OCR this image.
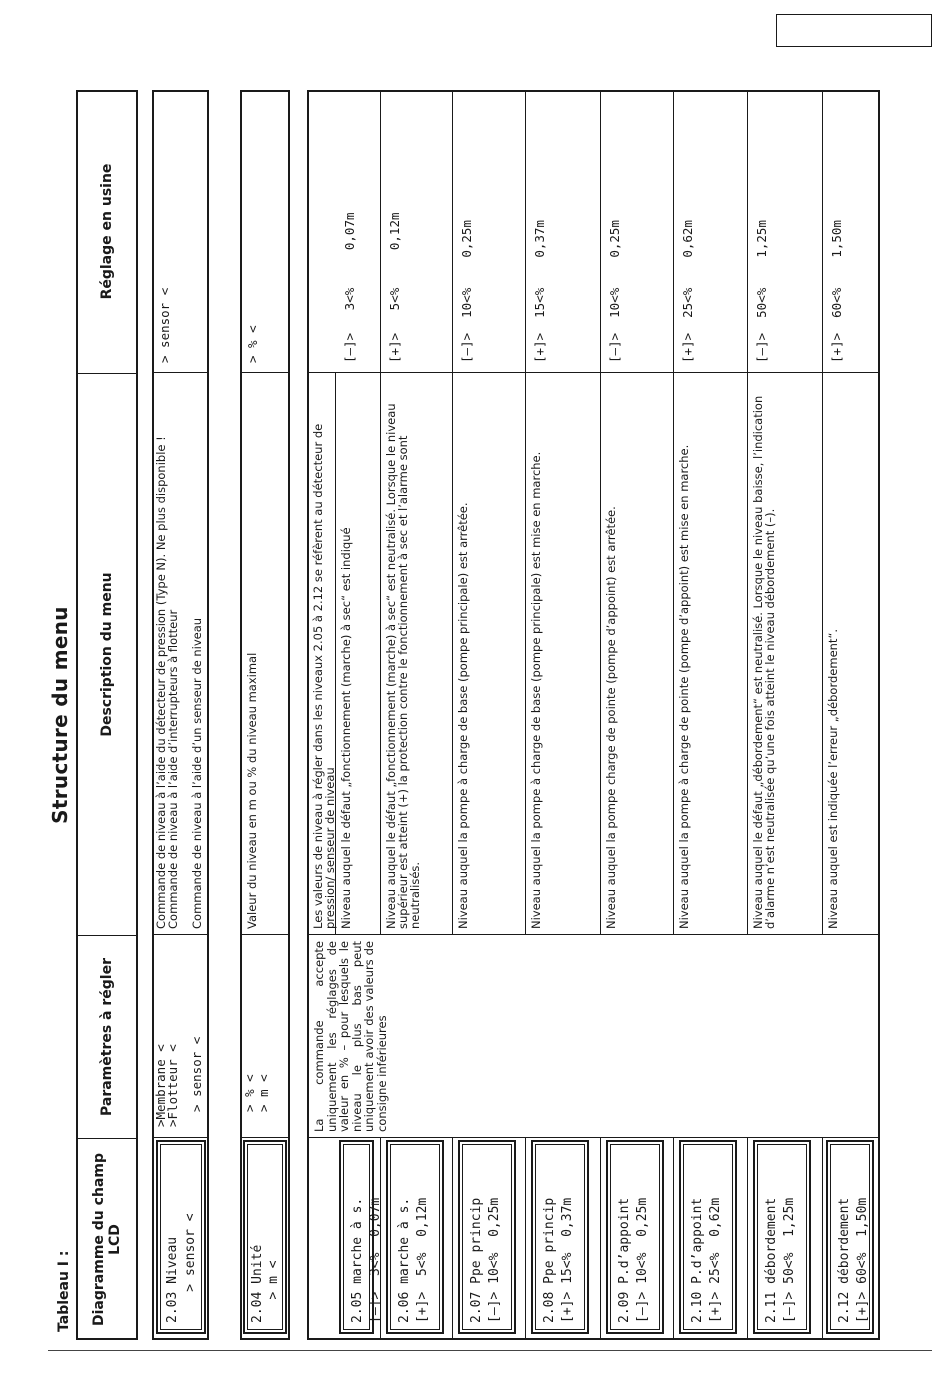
Tableau I :
Structure du menu
Diagramme du champ LCD
Paramètres à régler
Description du menu
Réglage en usine
2.03 Niveau
> sensor <
>Membrane <
>Flotteur <

> sensor <
Commande de niveau à l’aide du détecteur de pression (Type N). Ne plus disponible !
Commande de niveau à l’aide d’interrupteurs à flotteur Commande de niveau à l’aide d’un senseur de niveau
> sensor <
2.04 Unité
> m <
> % <
> m <
Valeur du niveau en m ou % du niveau maximal
> % <
La commande accepte uniquement les réglages de valeur en % – pour lesquels le niveau le plus bas peut uniquement avoir des valeurs de consigne inférieures
Les valeurs de niveau à régler dans les niveaux 2.05 à 2.12 se réfèrent au détecteur de pression/ senseur de niveau
2.05 marche à s. [–]>  3<%  0,07m
Niveau auquel le défaut „fonctionnement (marche) à sec“ est indiqué
[–]>   3<%     0,07m
2.06 marche à s. [+]>  5<%  0,12m
Niveau auquel le défaut „fonctionnement (marche) à sec“ est neutralisé. Lorsque le niveau supérieur est atteint (+) la protection contre le fonctionnement à sec et l’alarme sont neutralisés.
[+]>   5<%     0,12m
2.07 Ppe princip [–]> 10<%  0,25m
Niveau auquel la pompe à charge de base (pompe principale) est arrêtée.
[–]>  10<%    0,25m
2.08 Ppe princip [+]> 15<%  0,37m
Niveau auquel la pompe à charge de base (pompe principale) est mise en marche.
[+]>  15<%    0,37m
2.09 P.d’appoint [–]> 10<%  0,25m
Niveau auquel la pompe charge de pointe (pompe d’appoint) est arrêtée.
[–]>  10<%    0,25m
2.10 P.d’appoint [+]> 25<%  0,62m
Niveau auquel la pompe à charge de pointe (pompe d’appoint) est mise en marche.
[+]>  25<%    0,62m
2.11 débordement [–]> 50<%  1,25m
Niveau auquel le défaut „débordement“ est neutralisé. Lorsque le niveau baisse, l’indication d’alarme n’est neutralisée qu’une fois atteint le niveau débordement (–).
[–]>  50<%    1,25m
2.12 débordement [+]> 60<%  1,50m
Niveau auquel est indiquée l’erreur „débordement“.
[+]>  60<%    1,50m
